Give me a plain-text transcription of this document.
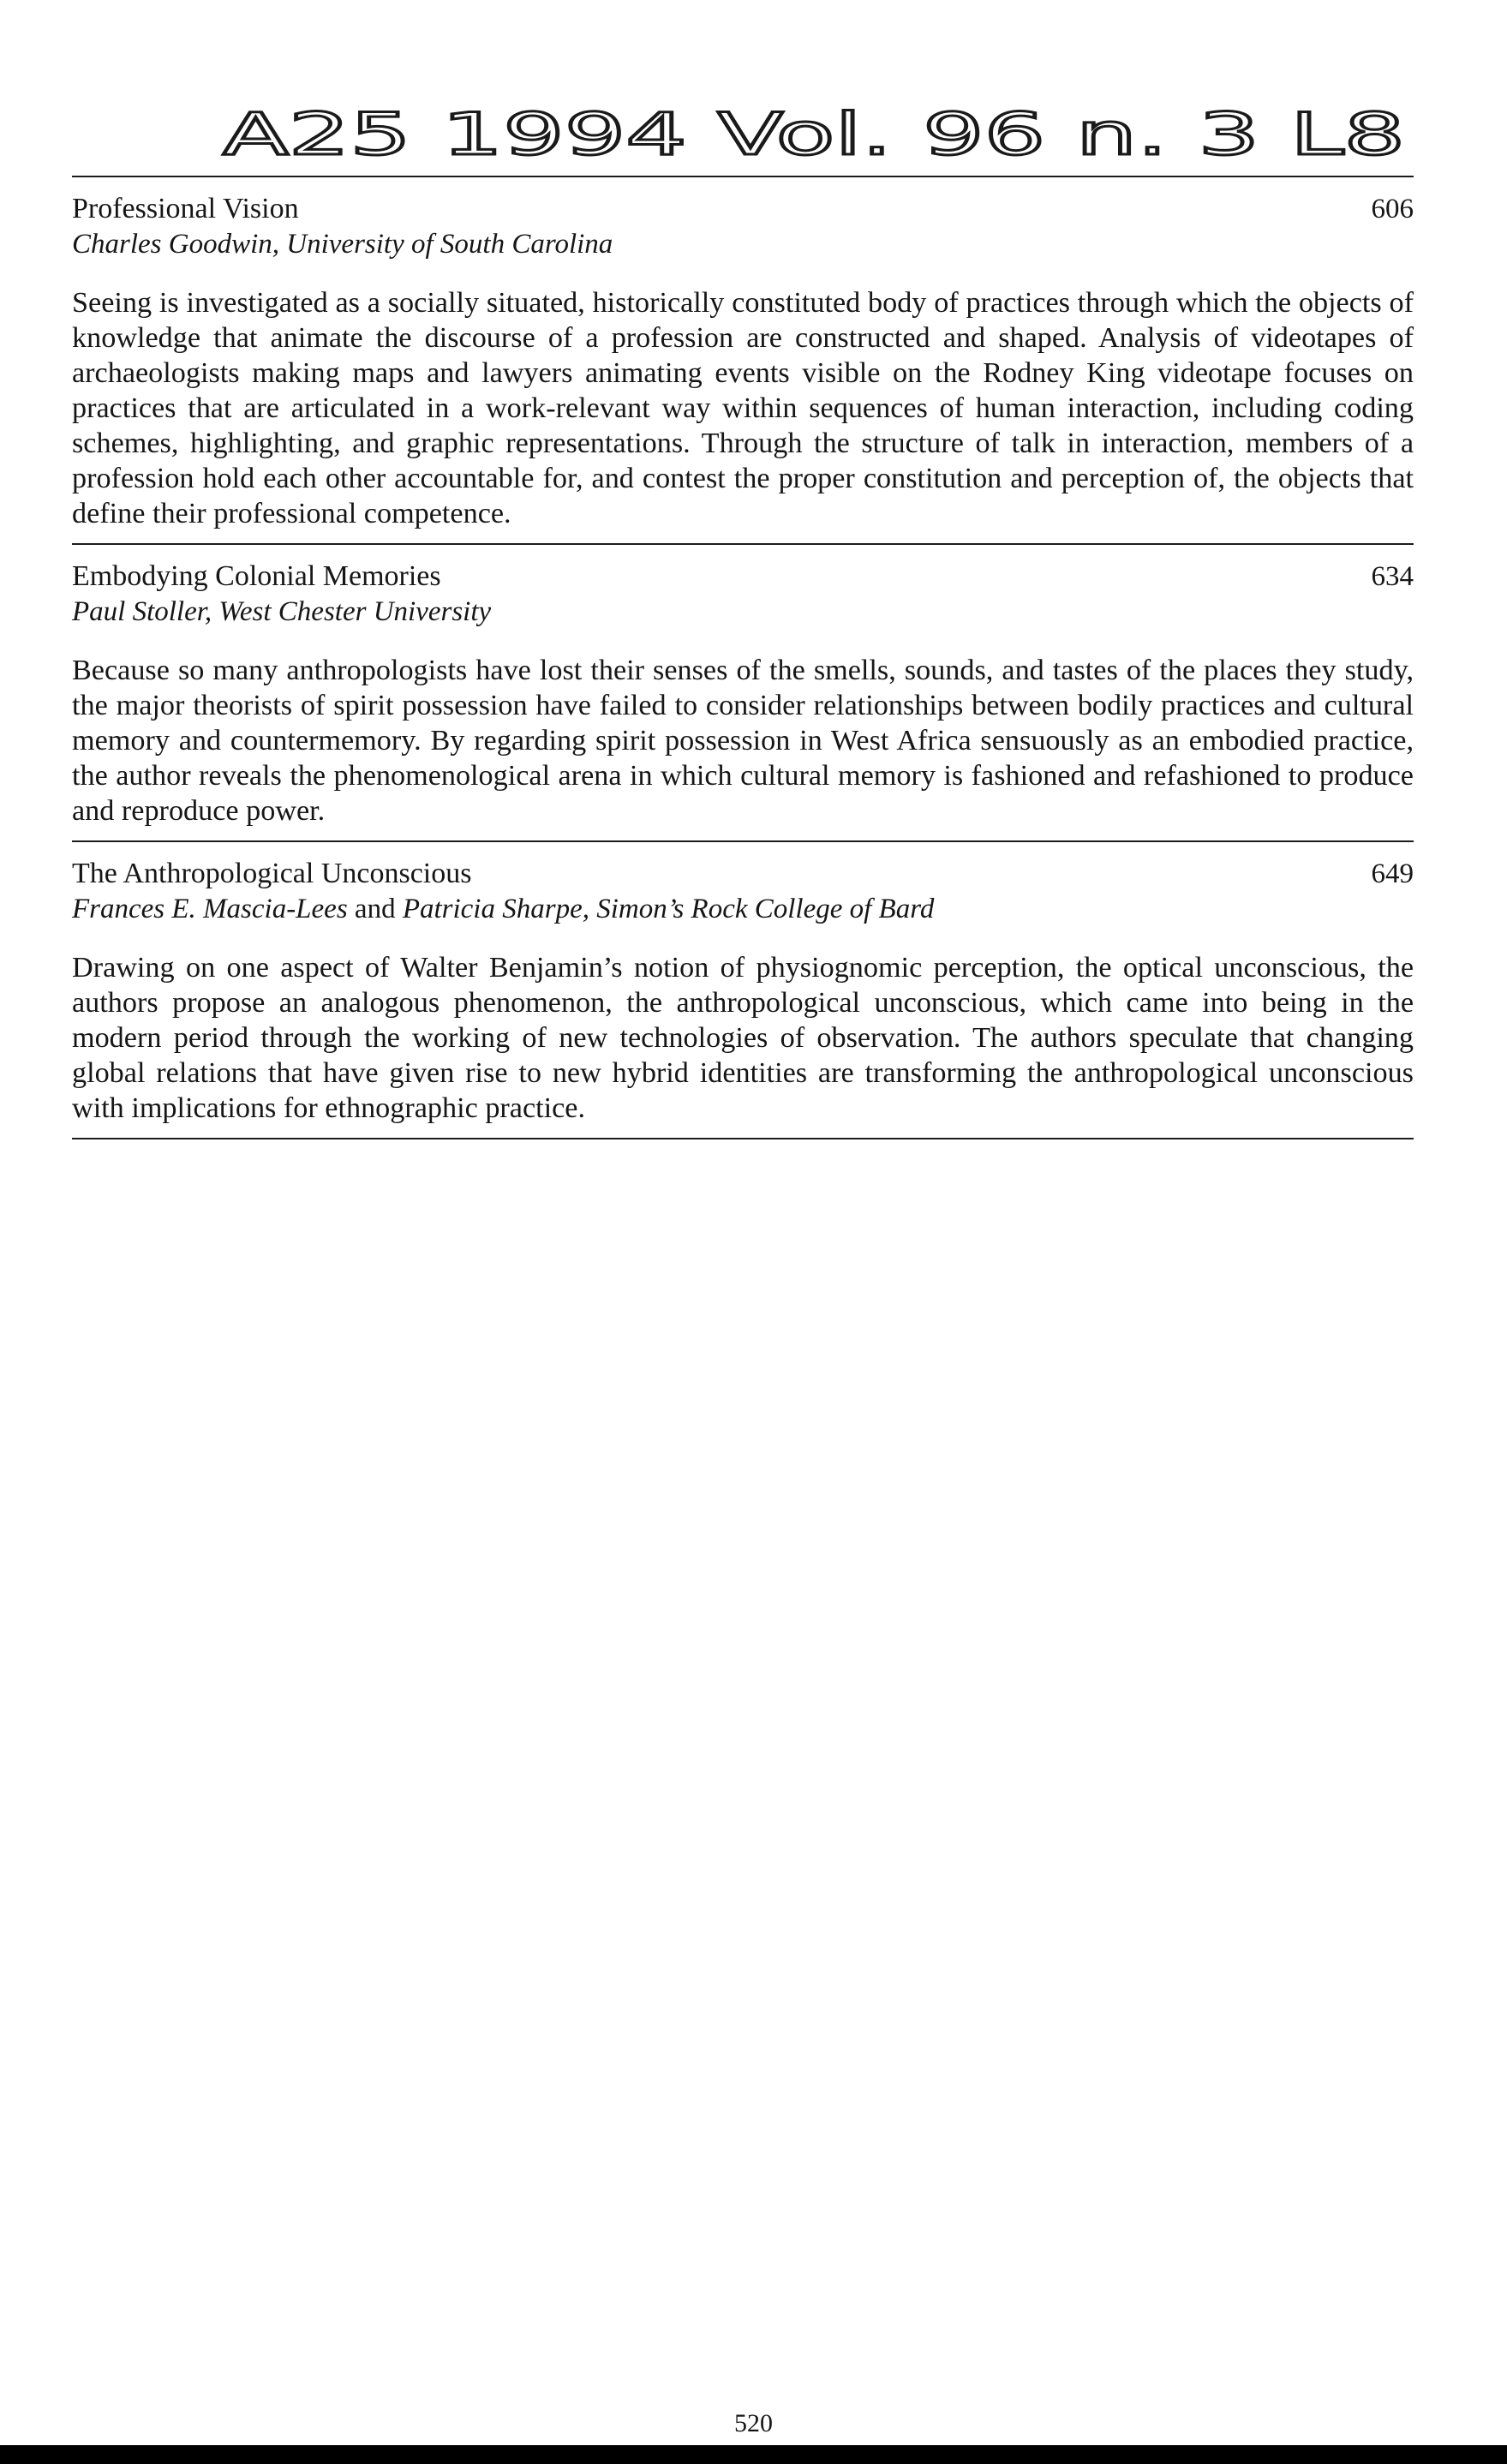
A25 1994 Vol. 96 n. 3 L8
Professional Vision	606
Charles Goodwin, University of South Carolina

Seeing is investigated as a socially situated, historically constituted body of practices through which the objects of knowledge that animate the discourse of a profession are constructed and shaped. Analysis of videotapes of archaeologists making maps and lawyers animating events visible on the Rodney King videotape focuses on practices that are articulated in a work-relevant way within sequences of human interaction, including coding schemes, highlighting, and graphic representations. Through the structure of talk in interaction, members of a profession hold each other accountable for, and contest the proper constitution and perception of, the objects that define their professional competence.

Embodying Colonial Memories	634
Paul Stoller, West Chester University

Because so many anthropologists have lost their senses of the smells, sounds, and tastes of the places they study, the major theorists of spirit possession have failed to consider relationships between bodily practices and cultural memory and countermemory. By regarding spirit possession in West Africa sensuously as an embodied practice, the author reveals the phenomenological arena in which cultural memory is fashioned and refashioned to produce and reproduce power.

The Anthropological Unconscious	649
Frances E. Mascia-Lees and Patricia Sharpe, Simon’s Rock College of Bard

Drawing on one aspect of Walter Benjamin’s notion of physiognomic perception, the optical unconscious, the authors propose an analogous phenomenon, the anthropological unconscious, which came into being in the modern period through the working of new technologies of observation. The authors speculate that changing global relations that have given rise to new hybrid identities are transforming the anthropological unconscious with implications for ethnographic practice.

520
